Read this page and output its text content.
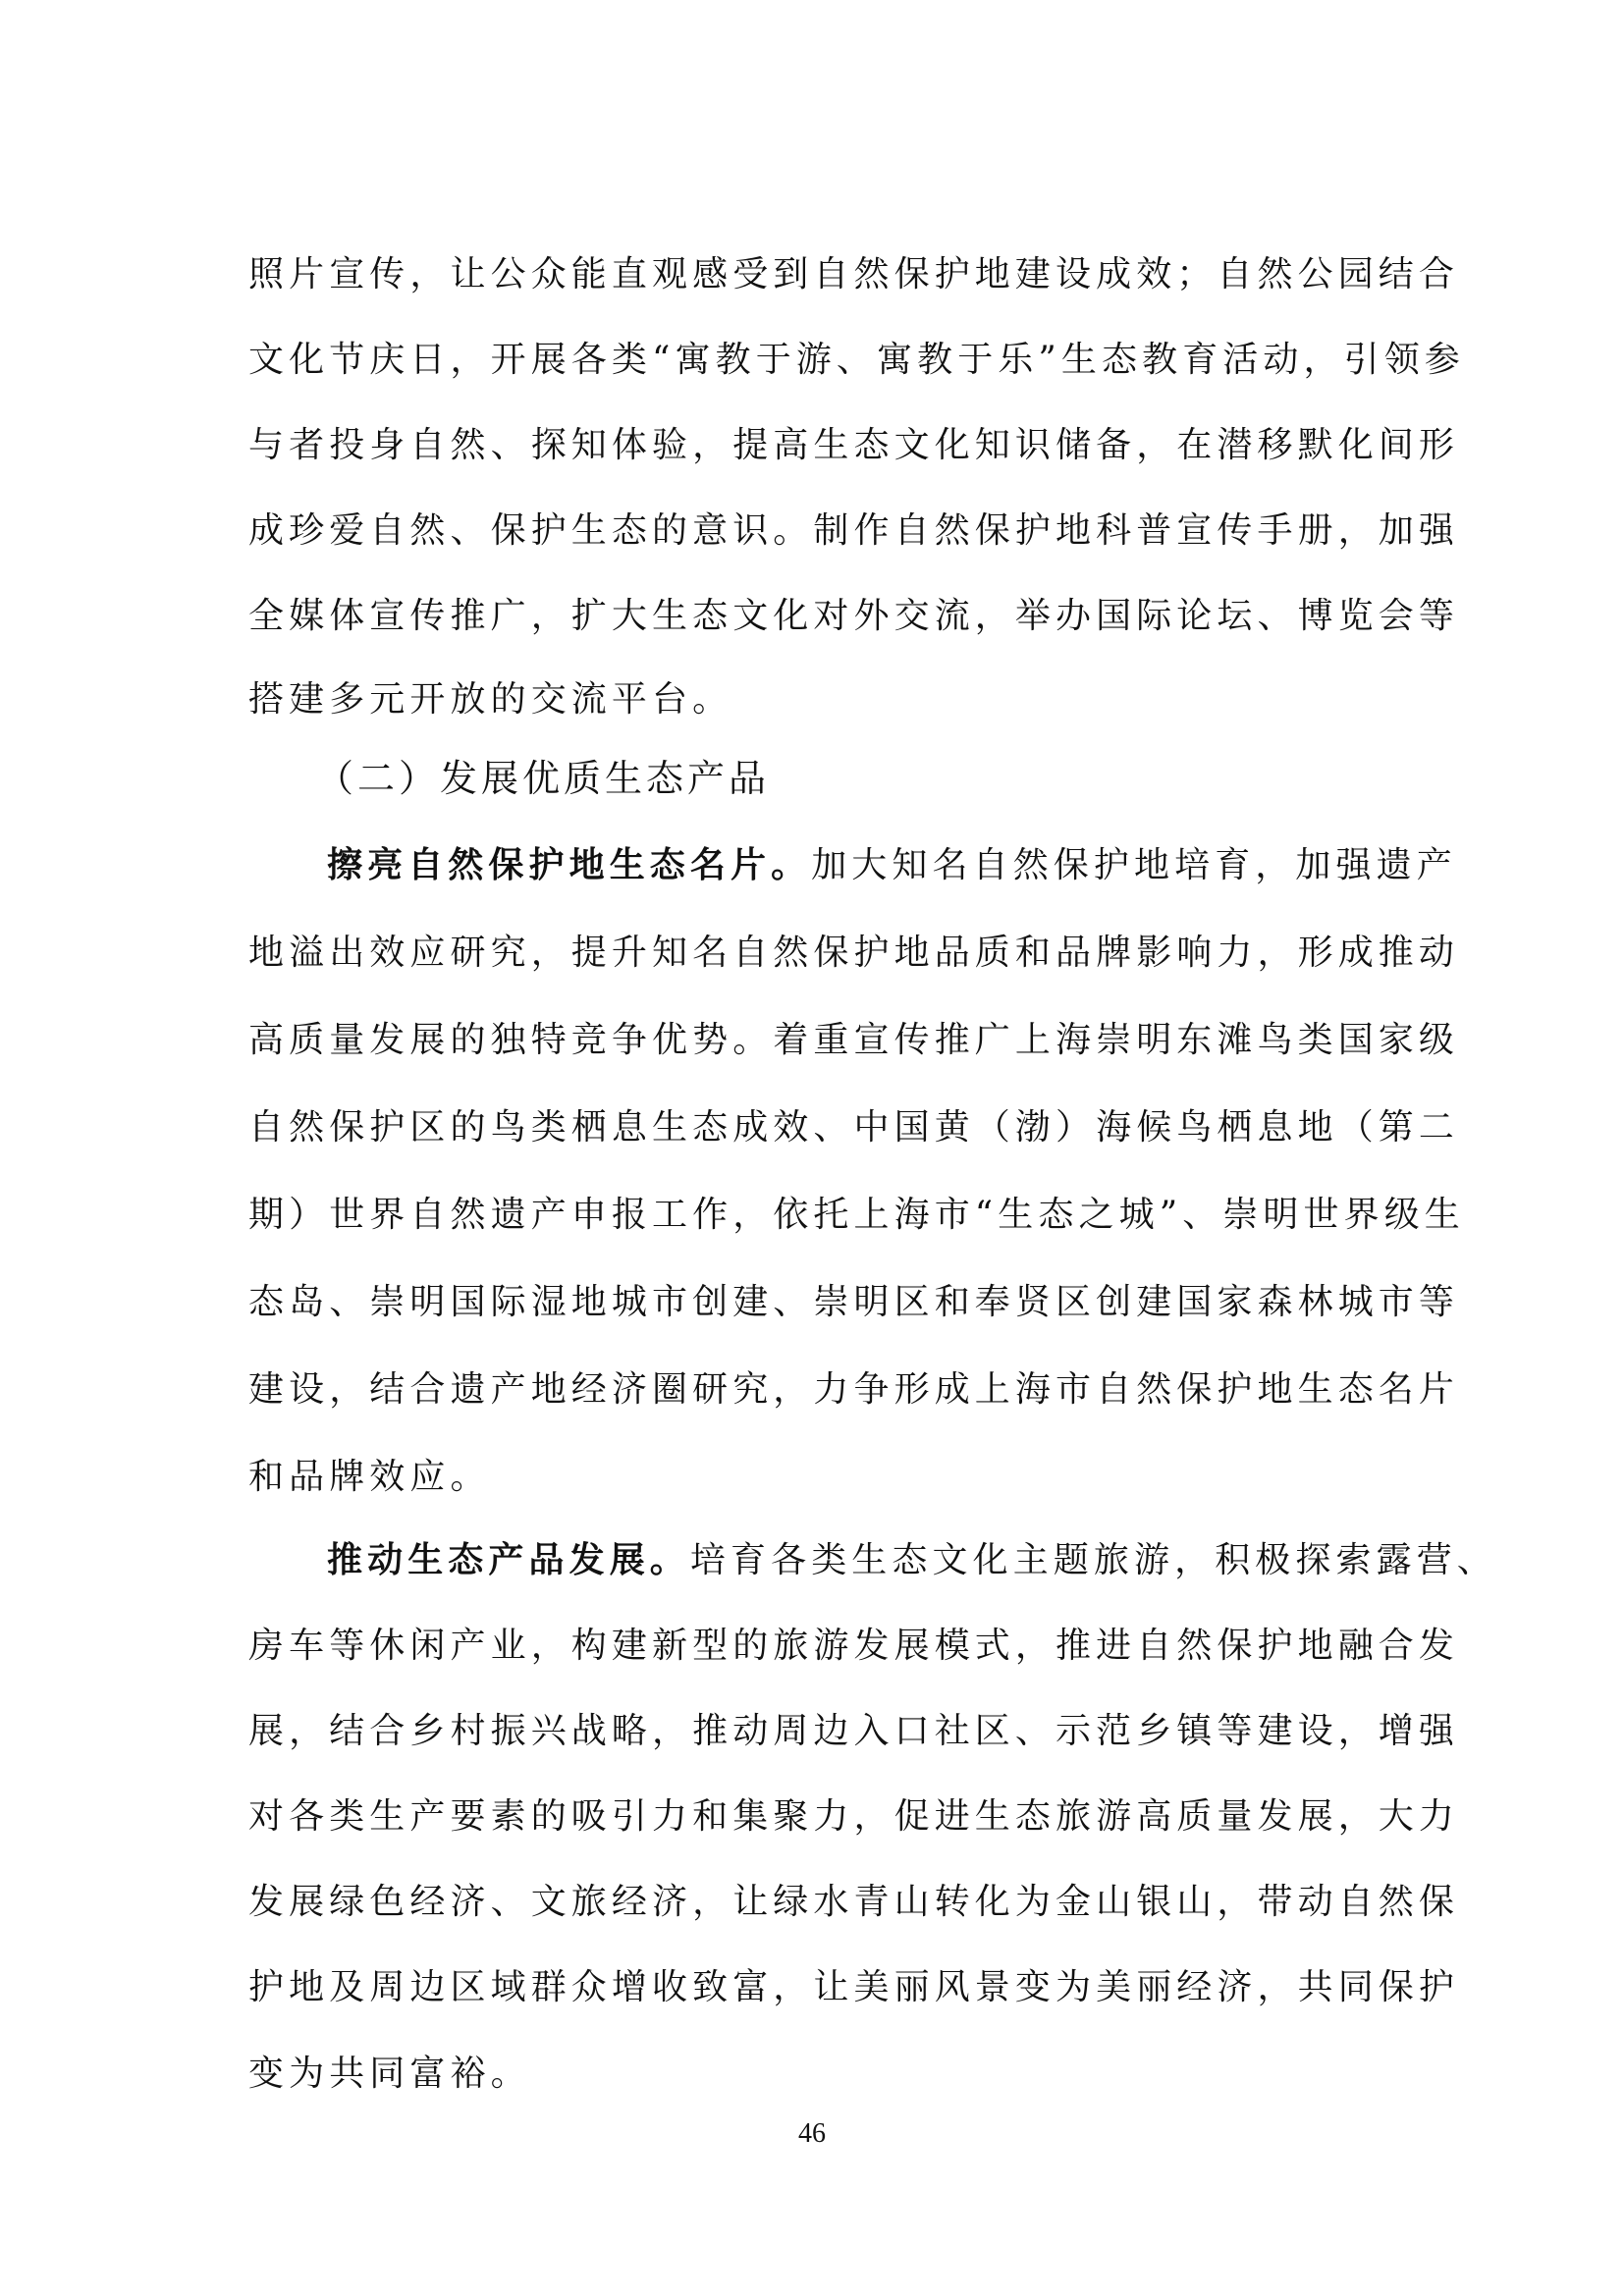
照片宣传，让公众能直观感受到自然保护地建设成效；自然公园结合
文化节庆日，开展各类“寓教于游、寓教于乐”生态教育活动，引领参
与者投身自然、探知体验，提高生态文化知识储备，在潜移默化间形
成珍爱自然、保护生态的意识。制作自然保护地科普宣传手册，加强
全媒体宣传推广，扩大生态文化对外交流，举办国际论坛、博览会等
搭建多元开放的交流平台。
（二）发展优质生态产品
擦亮自然保护地生态名片。加大知名自然保护地培育，加强遗产
地溢出效应研究，提升知名自然保护地品质和品牌影响力，形成推动
高质量发展的独特竞争优势。着重宣传推广上海崇明东滩鸟类国家级
自然保护区的鸟类栖息生态成效、中国黄（渤）海候鸟栖息地（第二
期）世界自然遗产申报工作，依托上海市“生态之城”、崇明世界级生
态岛、崇明国际湿地城市创建、崇明区和奉贤区创建国家森林城市等
建设，结合遗产地经济圈研究，力争形成上海市自然保护地生态名片
和品牌效应。
推动生态产品发展。培育各类生态文化主题旅游，积极探索露营、
房车等休闲产业，构建新型的旅游发展模式，推进自然保护地融合发
展，结合乡村振兴战略，推动周边入口社区、示范乡镇等建设，增强
对各类生产要素的吸引力和集聚力，促进生态旅游高质量发展，大力
发展绿色经济、文旅经济，让绿水青山转化为金山银山，带动自然保
护地及周边区域群众增收致富，让美丽风景变为美丽经济，共同保护
变为共同富裕。
46
